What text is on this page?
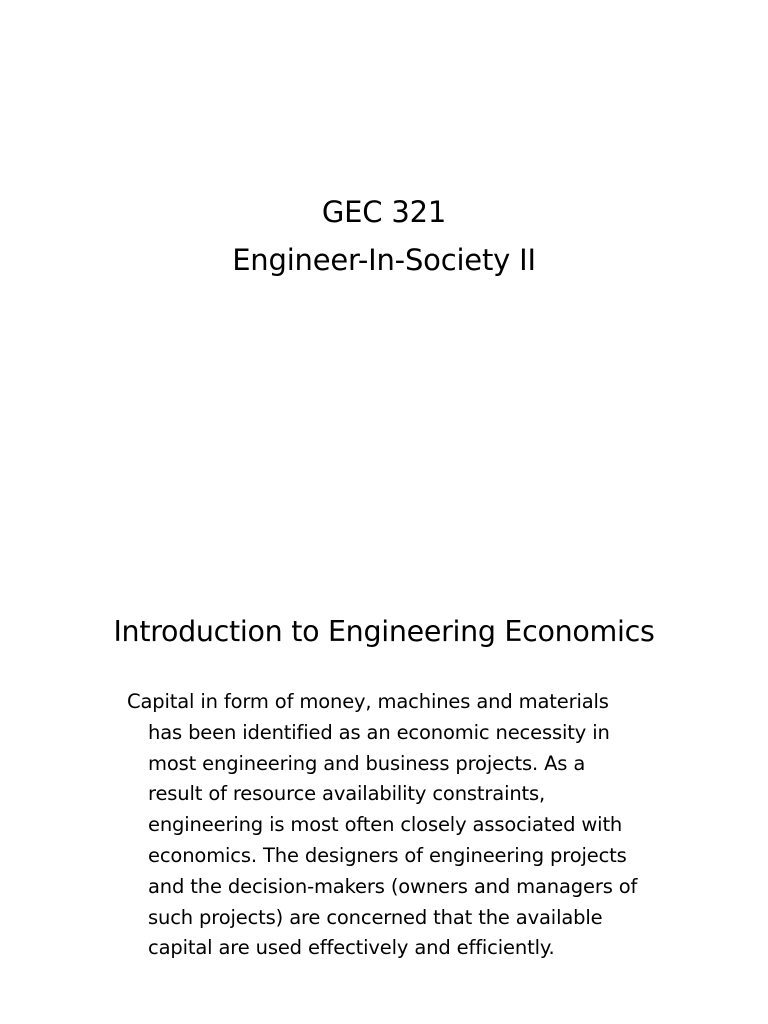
GEC 321
Engineer-In-Society II
Introduction to Engineering Economics
Capital in form of money, machines and materials
has been identified as an economic necessity in
most engineering and business projects. As a
result of resource availability constraints,
engineering is most often closely associated with
economics. The designers of engineering projects
and the decision-makers (owners and managers of
such projects) are concerned that the available
capital are used effectively and efficiently.
